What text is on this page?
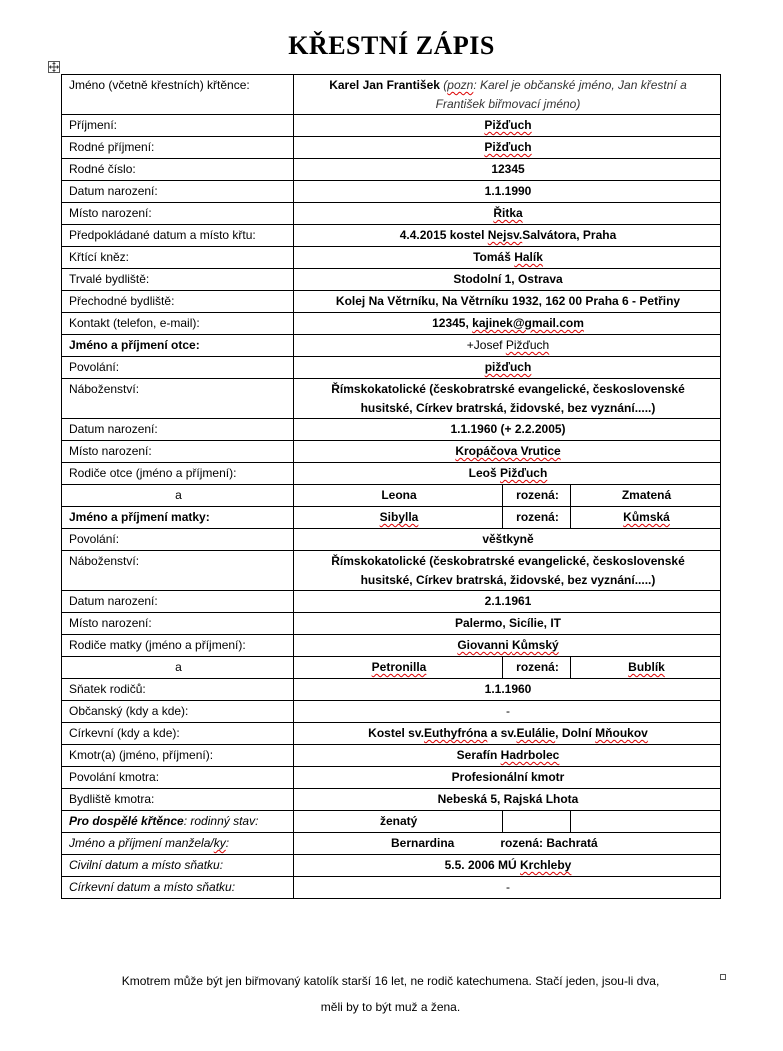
KŘESTNÍ ZÁPIS
Jméno (včetně křestních) křtěnce:	Karel Jan František (pozn: Karel je občanské jméno, Jan křestní a
František biřmovací jméno)		
Příjmení:	Pižďuch		
Rodné příjmení:	Pižďuch		
Rodné číslo:	12345		
Datum narození:	1.1.1990		
Místo narození:	Řitka		
Předpokládané datum a místo křtu:	4.4.2015 kostel Nejsv.Salvátora, Praha		
Křtící kněz:	Tomáš Halík		
Trvalé bydliště:	Stodolní 1, Ostrava		
Přechodné bydliště:	Kolej Na Větrníku, Na Větrníku 1932, 162 00 Praha 6 - Petřiny		
Kontakt (telefon, e-mail):	12345, kajinek@gmail.com		
Jméno a příjmení otce:	+Josef Pižďuch		
Povolání:	pižďuch		
Náboženství:	Římskokatolické (českobratrské evangelické, československé
husitské, Církev bratrská, židovské, bez vyznání.....)		
Datum narození:	1.1.1960 (+ 2.2.2005)		
Místo narození:	Kropáčova Vrutice		
Rodiče otce (jméno a příjmení):	Leoš Pižďuch		
a	Leona	rozená:	Zmatená
Jméno a příjmení matky:	Sibylla	rozená:	Kůmská
Povolání:	věštkyně		
Náboženství:	Římskokatolické (českobratrské evangelické, československé
husitské, Církev bratrská, židovské, bez vyznání.....)		
Datum narození:	2.1.1961		
Místo narození:	Palermo, Sicílie, IT		
Rodiče matky (jméno a příjmení):	Giovanni Kůmský		
a	Petronilla	rozená:	Bublík
Sňatek rodičů:	1.1.1960		
Občanský (kdy a kde):	-		
Církevní (kdy a kde):	Kostel sv.Euthyfróna a sv.Eulálie, Dolní Mňoukov		
Kmotr(a) (jméno, příjmení):	Serafín Hadrbolec		
Povolání kmotra:	Profesionální kmotr		
Bydliště kmotra:	Nebeská 5, Rajská Lhota		
Pro dospělé křtěnce: rodinný stav:	ženatý		
Jméno a příjmení manžela/ky:	Bernardina rozená: Bachratá		
Civilní datum a místo sňatku:	5.5. 2006 MÚ Krchleby		
Církevní datum a místo sňatku:	-		
Kmotrem může být jen biřmovaný katolík starší 16 let, ne rodič katechumena. Stačí jeden, jsou-li dva,
měli by to být muž a žena.
